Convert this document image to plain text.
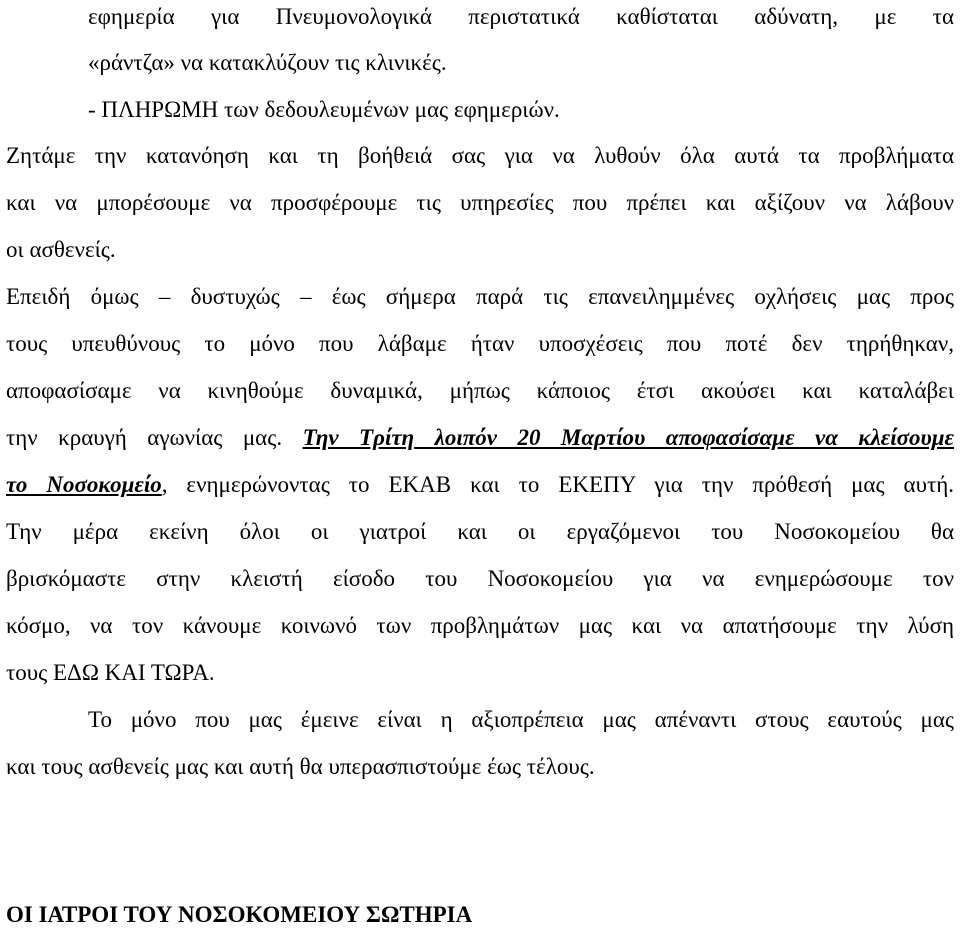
εφημερία για Πνευμονολογικά περιστατικά καθίσταται αδύνατη, με τα
«ράντζα» να κατακλύζουν τις κλινικές.
- ΠΛΗΡΩΜΗ των δεδουλευμένων μας εφημεριών.
Ζητάμε την κατανόηση και τη βοήθειά σας για να λυθούν όλα αυτά τα προβλήματα
και να μπορέσουμε να προσφέρουμε τις υπηρεσίες που πρέπει και αξίζουν να λάβουν
οι ασθενείς.
Επειδή όμως – δυστυχώς – έως σήμερα παρά τις επανειλημμένες οχλήσεις μας προς
τους υπευθύνους το μόνο που λάβαμε ήταν υποσχέσεις που ποτέ δεν τηρήθηκαν,
αποφασίσαμε να κινηθούμε δυναμικά, μήπως κάποιος έτσι ακούσει και καταλάβει
την κραυγή αγωνίας μας. Την Τρίτη λοιπόν 20 Μαρτίου αποφασίσαμε να κλείσουμε
το Νοσοκομείο, ενημερώνοντας το ΕΚΑΒ και το ΕΚΕΠΥ για την πρόθεσή μας αυτή.
Την μέρα εκείνη όλοι οι γιατροί και οι εργαζόμενοι του Νοσοκομείου θα
βρισκόμαστε στην κλειστή είσοδο του Νοσοκομείου για να ενημερώσουμε τον
κόσμο, να τον κάνουμε κοινωνό των προβλημάτων μας και να απατήσουμε την λύση
τους ΕΔΩ ΚΑΙ ΤΩΡΑ.
Το μόνο που μας έμεινε είναι η αξιοπρέπεια μας απέναντι στους εαυτούς μας
και τους ασθενείς μας και αυτή θα υπερασπιστούμε έως τέλους.
ΟΙ ΙΑΤΡΟΙ ΤΟΥ ΝΟΣΟΚΟΜΕΙΟΥ ΣΩΤΗΡΙΑ
